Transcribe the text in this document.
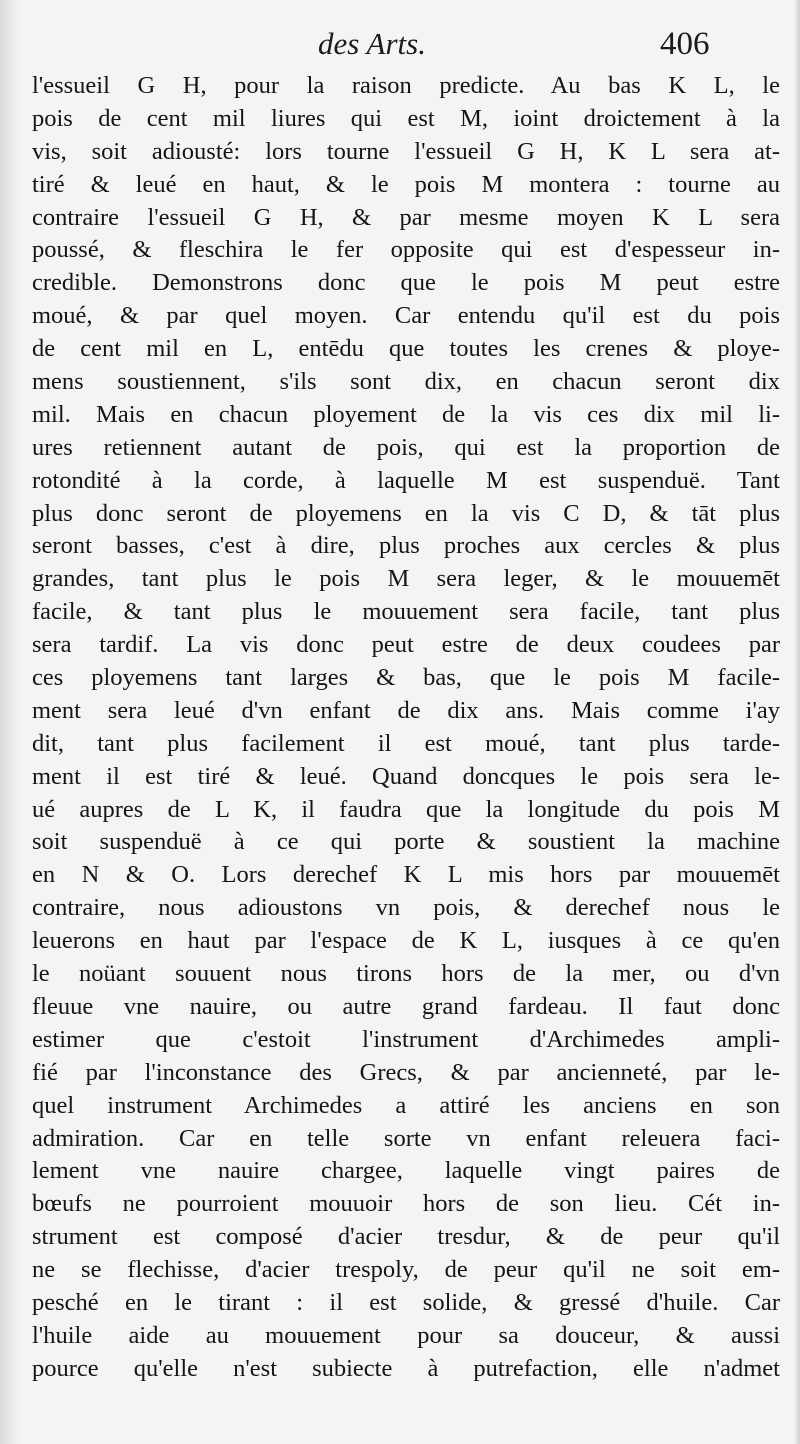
des Arts.	406
l'essueil G H, pour la raison predicte. Au bas K L, le
pois de cent mil liures qui est M, ioint droictement à la
vis, soit adiousté: lors tourne l'essueil G H, K L sera at-
tiré & leué en haut, & le pois M montera : tourne au
contraire l'essueil G H, & par mesme moyen K L sera
poussé, & fleschira le fer opposite qui est d'espesseur in-
credible. Demonstrons donc que le pois M peut estre
moué, & par quel moyen. Car entendu qu'il est du pois
de cent mil en L, entēdu que toutes les crenes & ploye-
mens soustiennent, s'ils sont dix, en chacun seront dix
mil. Mais en chacun ployement de la vis ces dix mil li-
ures retiennent autant de pois, qui est la proportion de
rotondité à la corde, à laquelle M est suspenduë. Tant
plus donc seront de ployemens en la vis C D, & tāt plus
seront basses, c'est à dire, plus proches aux cercles & plus
grandes, tant plus le pois M sera leger, & le mouuemēt
facile, & tant plus le mouuement sera facile, tant plus
sera tardif. La vis donc peut estre de deux coudees par
ces ployemens tant larges & bas, que le pois M facile-
ment sera leué d'vn enfant de dix ans. Mais comme i'ay
dit, tant plus facilement il est moué, tant plus tarde-
ment il est tiré & leué. Quand doncques le pois sera le-
ué aupres de L K, il faudra que la longitude du pois M
soit suspenduë à ce qui porte & soustient la machine
en N & O. Lors derechef K L mis hors par mouuemēt
contraire, nous adioustons vn pois, & derechef nous le
leuerons en haut par l'espace de K L, iusques à ce qu'en
le noüant souuent nous tirons hors de la mer, ou d'vn
fleuue vne nauire, ou autre grand fardeau. Il faut donc
estimer que c'estoit l'instrument d'Archimedes ampli-
fié par l'inconstance des Grecs, & par ancienneté, par le-
quel instrument Archimedes a attiré les anciens en son
admiration. Car en telle sorte vn enfant releuera faci-
lement vne nauire chargee, laquelle vingt paires de
bœufs ne pourroient mouuoir hors de son lieu. Cét in-
strument est composé d'acier tresdur, & de peur qu'il
ne se flechisse, d'acier trespoly, de peur qu'il ne soit em-
pesché en le tirant : il est solide, & gressé d'huile. Car
l'huile aide au mouuement pour sa douceur, & aussi
pource qu'elle n'est subiecte à putrefaction, elle n'admet
